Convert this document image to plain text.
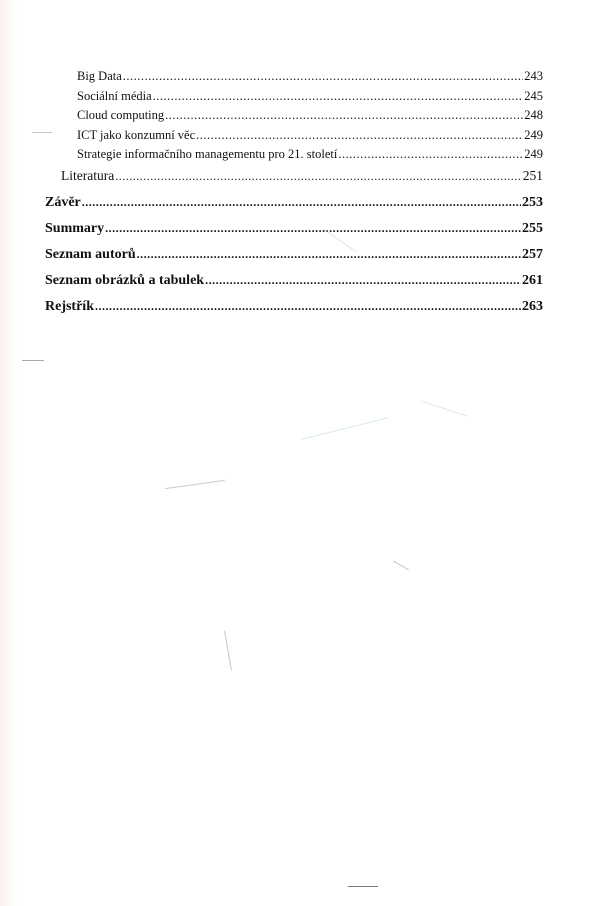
Big Data .....	243
Sociální média .....	245
Cloud computing .....	248
ICT jako konzumní věc .....	249
Strategie informačního managementu pro 21. století .....	249
Literatura .....	251
Závěr .....	253
Summary .....	255
Seznam autorů .....	257
Seznam obrázků a tabulek .....	261
Rejstřík .....	263
